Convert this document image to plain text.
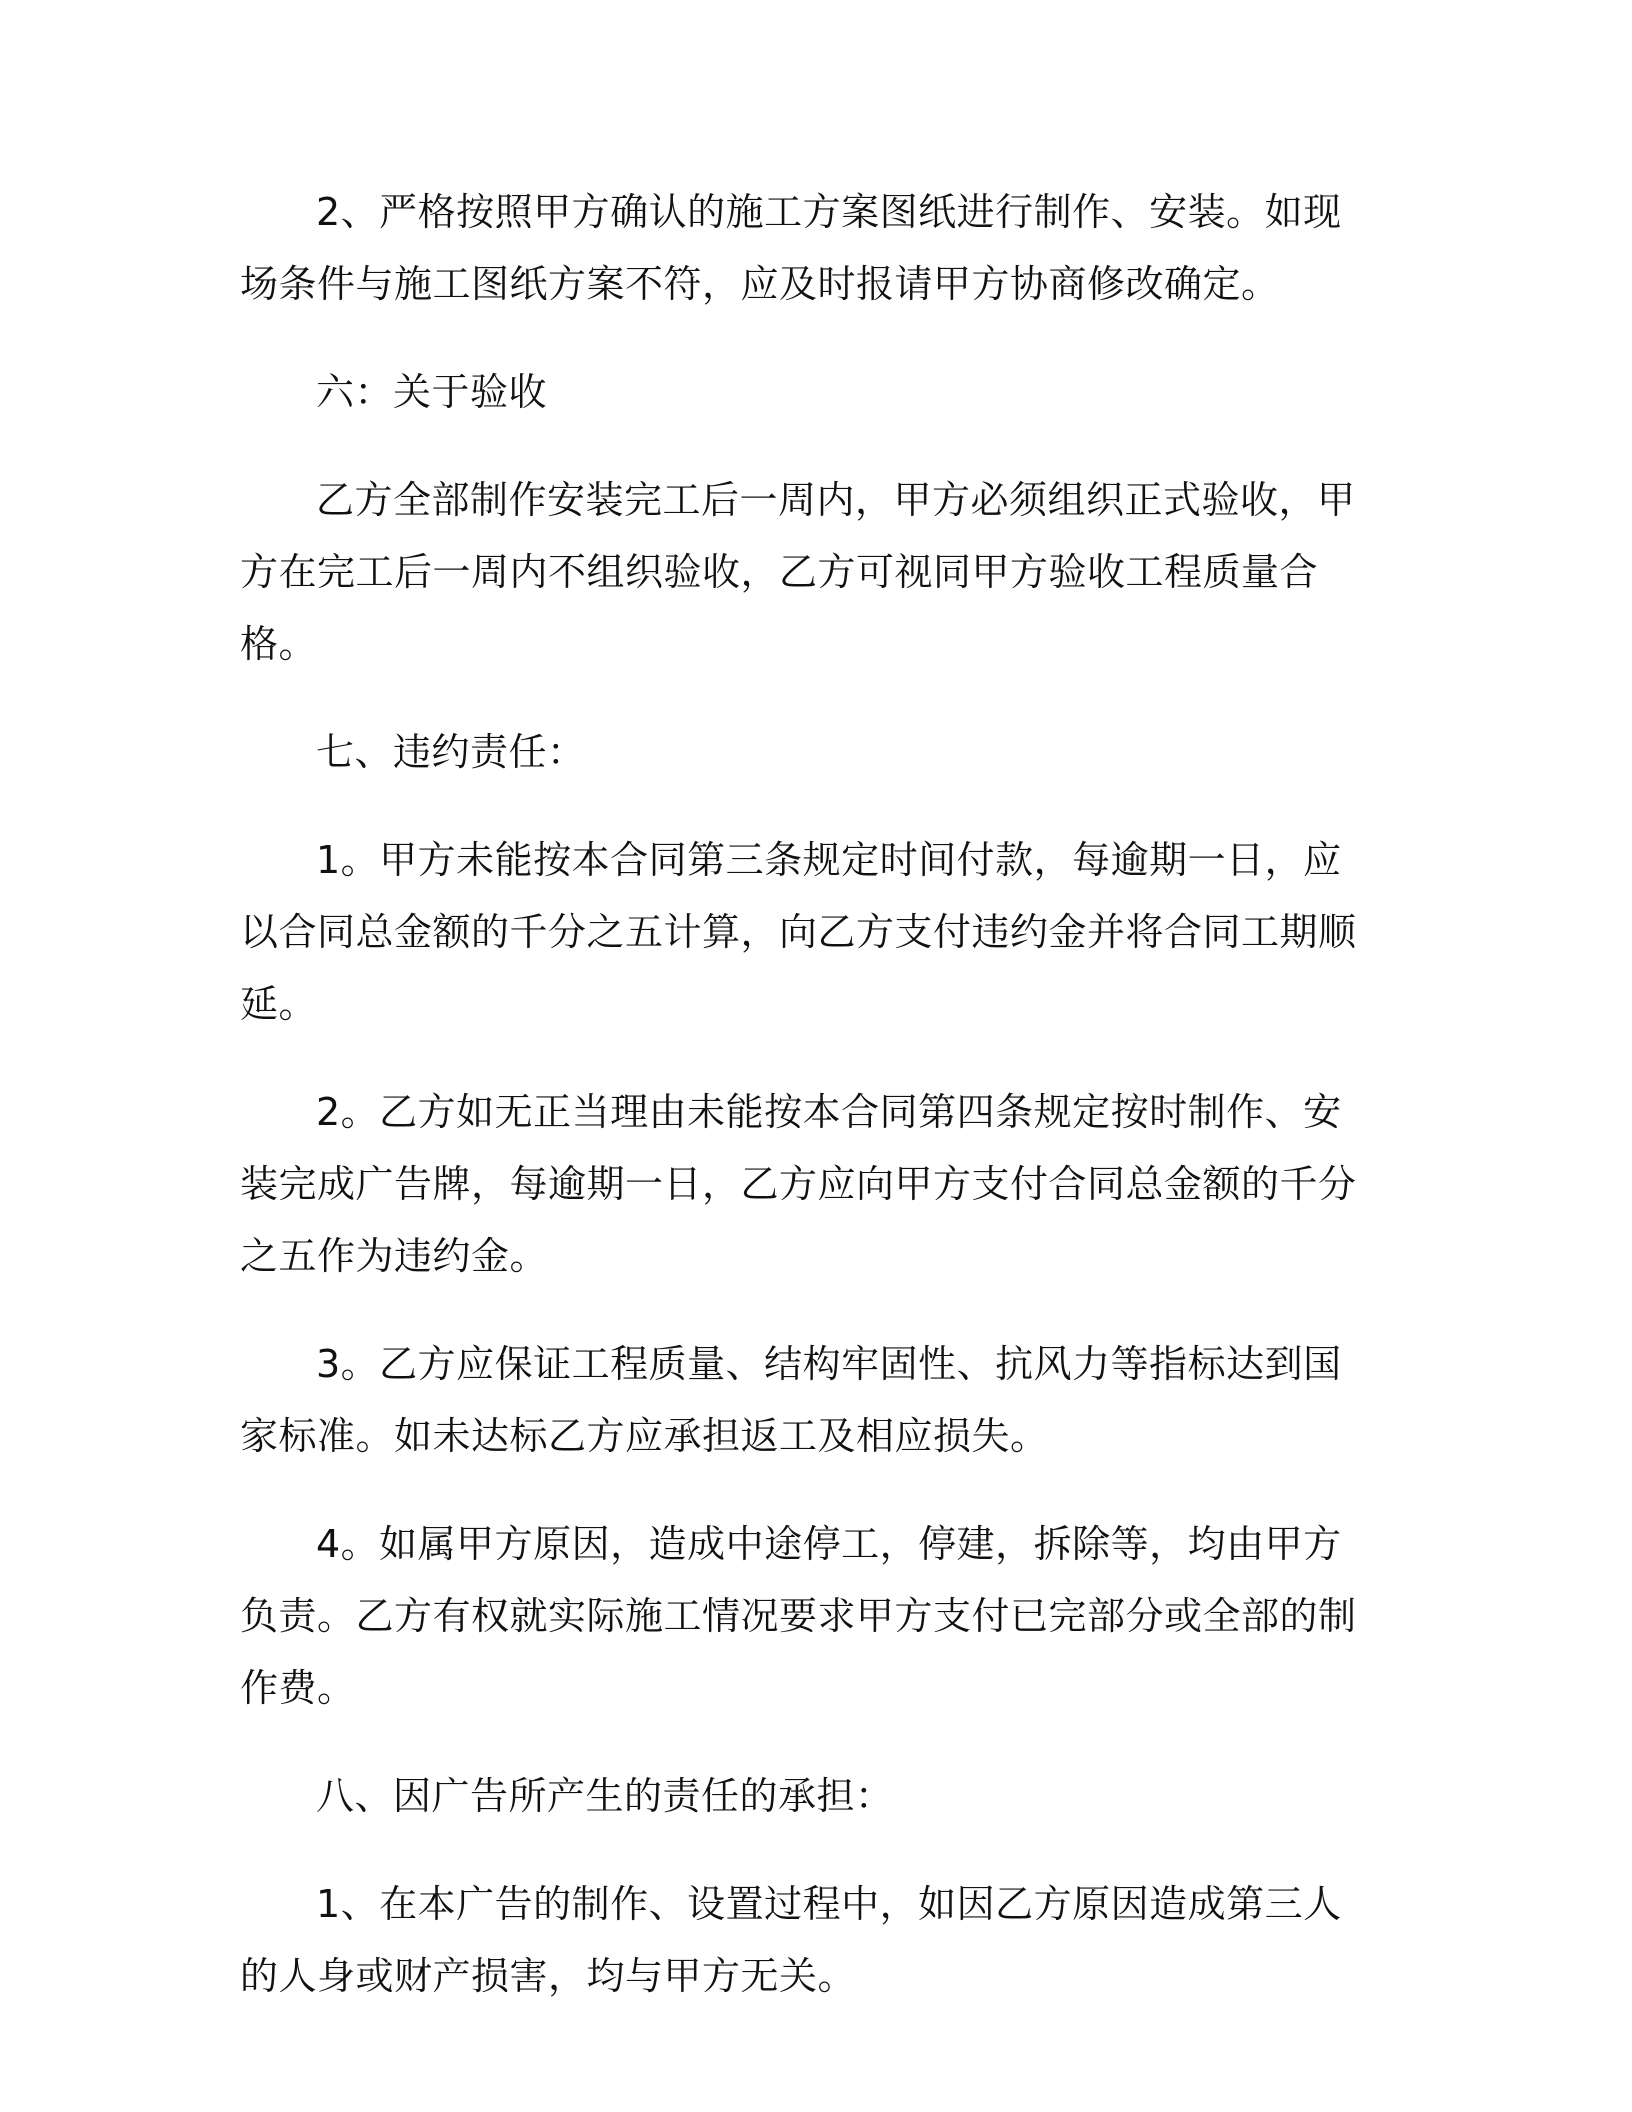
2、严格按照甲方确认的施工方案图纸进行制作、安装。如现场条件与施工图纸方案不符，应及时报请甲方协商修改确定。

六：关于验收

乙方全部制作安装完工后一周内，甲方必须组织正式验收，甲方在完工后一周内不组织验收，乙方可视同甲方验收工程质量合格。

七、违约责任：

1。甲方未能按本合同第三条规定时间付款，每逾期一日，应以合同总金额的千分之五计算，向乙方支付违约金并将合同工期顺延。

2。乙方如无正当理由未能按本合同第四条规定按时制作、安装完成广告牌，每逾期一日，乙方应向甲方支付合同总金额的千分之五作为违约金。

3。乙方应保证工程质量、结构牢固性、抗风力等指标达到国家标准。如未达标乙方应承担返工及相应损失。

4。如属甲方原因，造成中途停工，停建，拆除等，均由甲方负责。乙方有权就实际施工情况要求甲方支付已完部分或全部的制作费。

八、因广告所产生的责任的承担：

1、在本广告的制作、设置过程中，如因乙方原因造成第三人的人身或财产损害，均与甲方无关。
